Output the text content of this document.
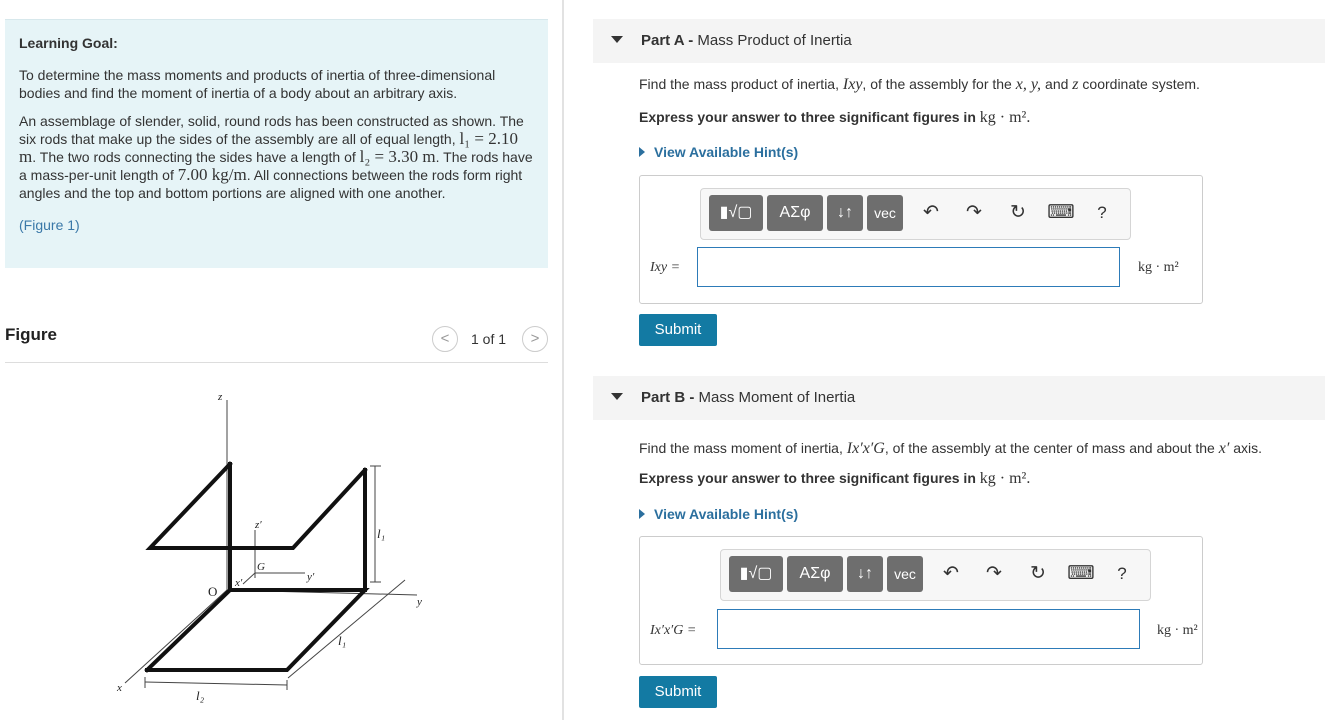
Learning Goal:

To determine the mass moments and products of inertia of three-dimensional bodies and find the moment of inertia of a body about an arbitrary axis.

An assemblage of slender, solid, round rods has been constructed as shown. The six rods that make up the sides of the assembly are all of equal length, l₁ = 2.10 m. The two rods connecting the sides have a length of l₂ = 3.30 m. The rods have a mass-per-unit length of 7.00 kg/m. All connections between the rods form right angles and the top and bottom portions are aligned with one another.

(Figure 1)

Figure	<	1 of 1	>
z
z′
G
y′
x′
O
y
x
l₁
l₁
l₂
Part A - Mass Product of Inertia
Find the mass product of inertia, Ixy, of the assembly for the x, y, and z coordinate system.
Express your answer to three significant figures in kg · m².
View Available Hint(s)
▮√▢	ΑΣφ	↓↑	vec	↶	↷	↻	⌨	?
Ixy =	kg · m²
Submit
Part B - Mass Moment of Inertia
Find the mass moment of inertia, Ix′x′G, of the assembly at the center of mass and about the x′ axis.
Express your answer to three significant figures in kg · m².
View Available Hint(s)
▮√▢	ΑΣφ	↓↑	vec	↶	↷	↻	⌨	?
Ix′x′G =	kg · m²
Submit
